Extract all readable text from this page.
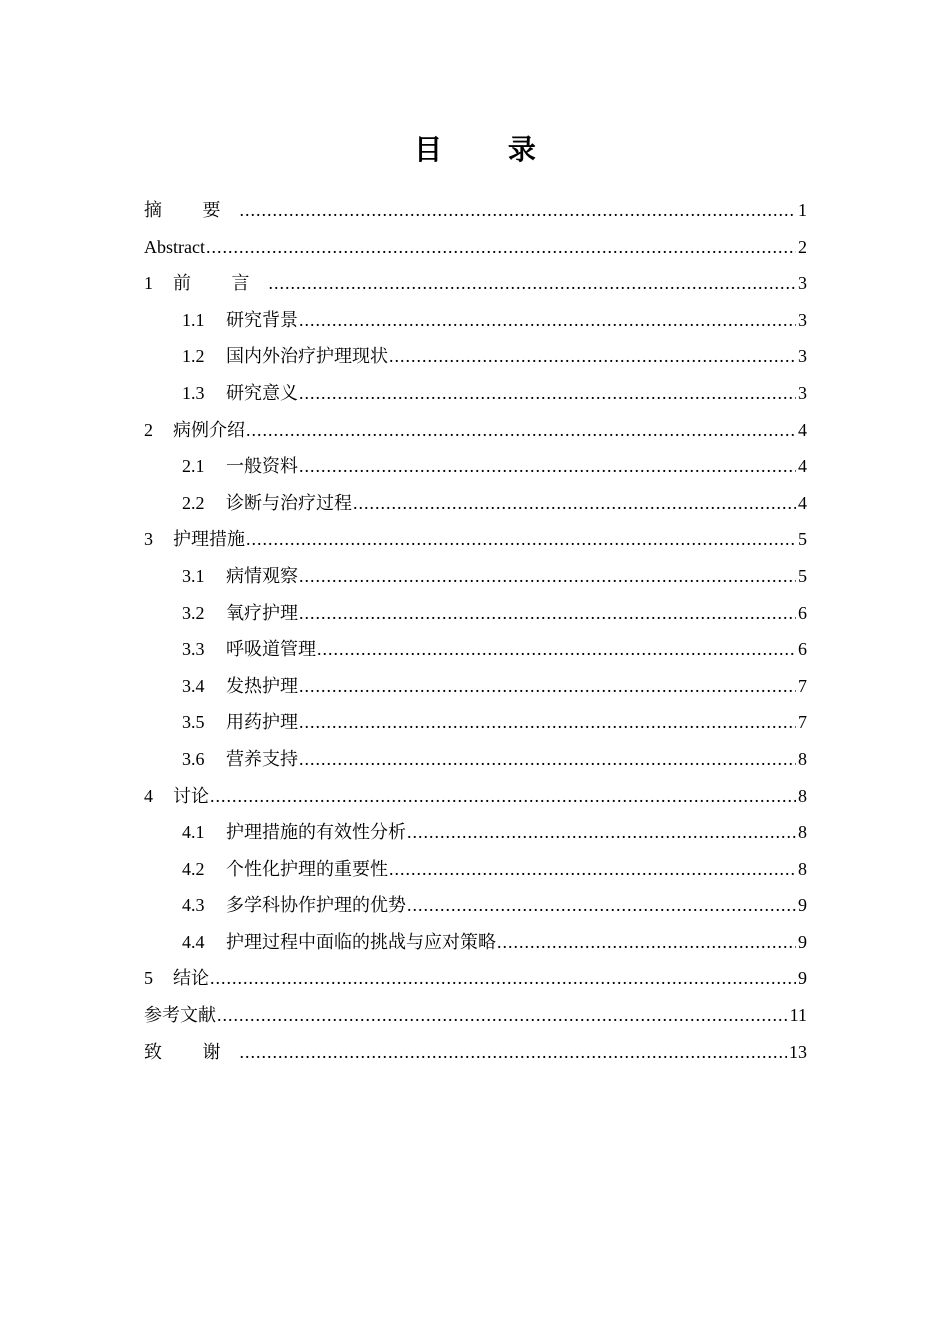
目 录
摘 要 .....	1
Abstract .....	2
1	前 言 .....	3
1.1	研究背景 .....	3
1.2	国内外治疗护理现状 .....	3
1.3	研究意义 .....	3
2	病例介绍 .....	4
2.1	一般资料 .....	4
2.2	诊断与治疗过程 .....	4
3	护理措施 .....	5
3.1	病情观察 .....	5
3.2	氧疗护理 .....	6
3.3	呼吸道管理 .....	6
3.4	发热护理 .....	7
3.5	用药护理 .....	7
3.6	营养支持 .....	8
4	讨论 .....	8
4.1	护理措施的有效性分析 .....	8
4.2	个性化护理的重要性 .....	8
4.3	多学科协作护理的优势 .....	9
4.4	护理过程中面临的挑战与应对策略 .....	9
5	结论 .....	9
参考文献 .....	11
致 谢 .....	13
